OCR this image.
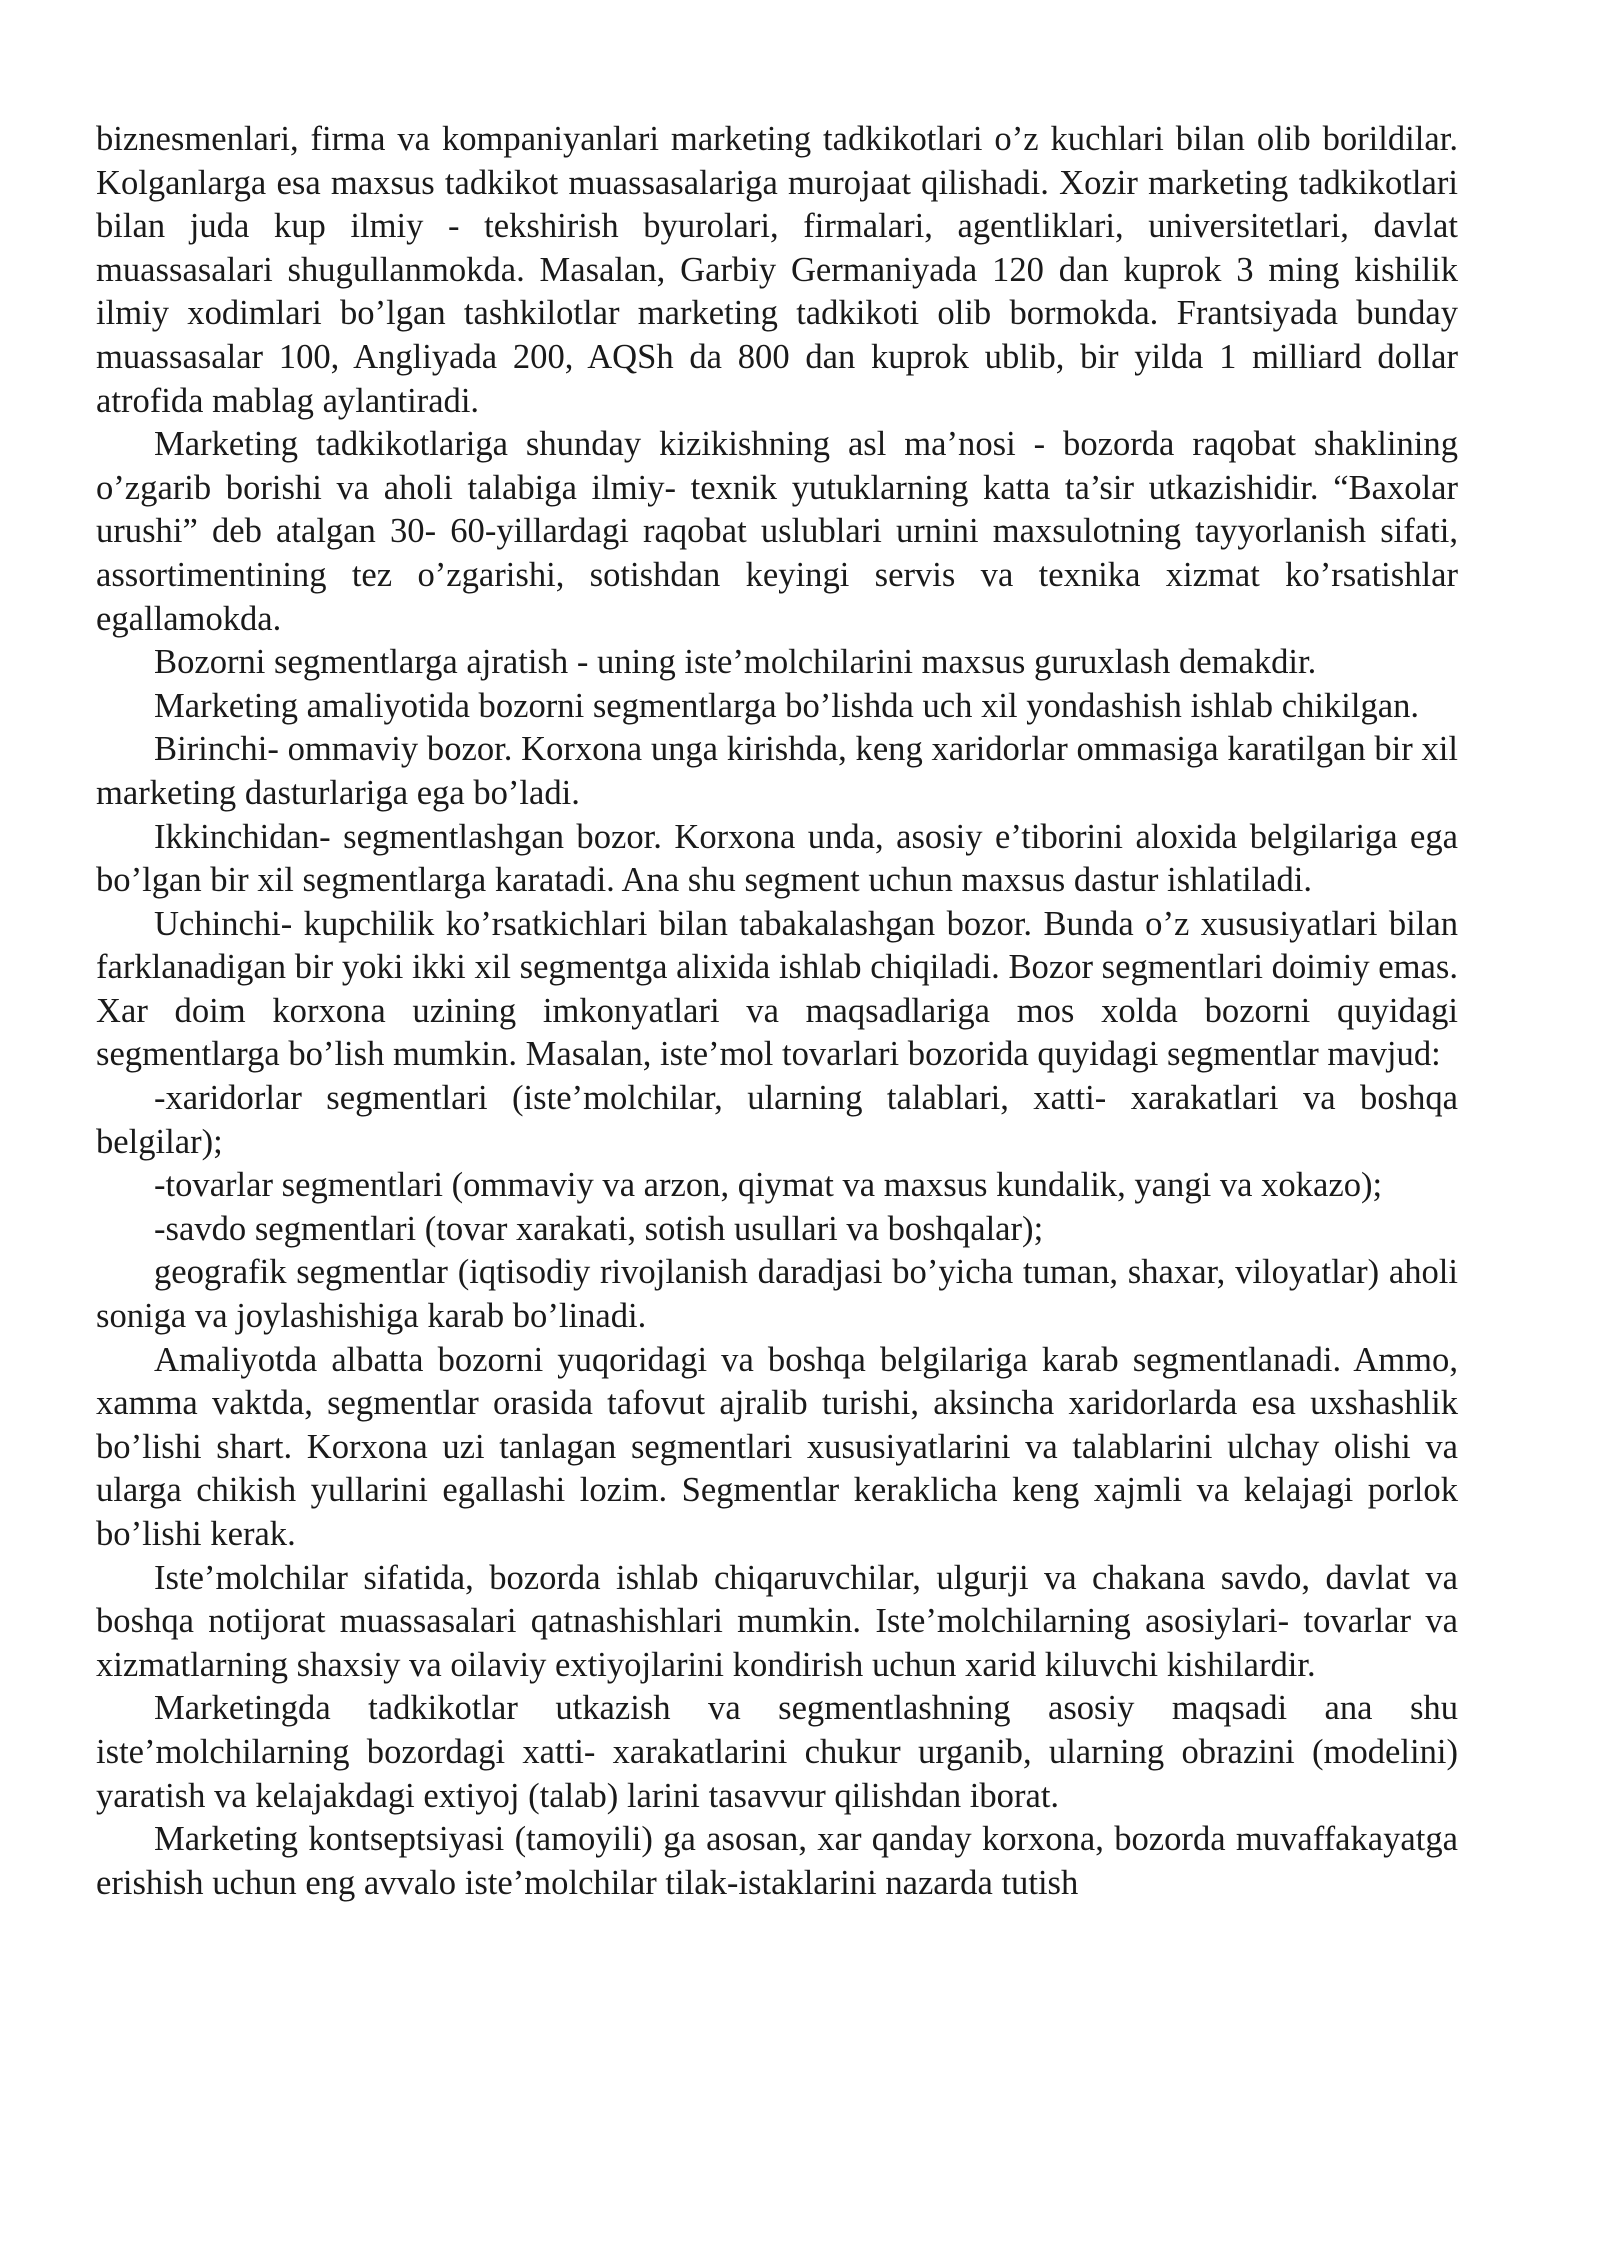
biznesmenlari, firma va kompaniyanlari marketing tadkikotlari o’z kuchlari bilan olib borildilar. Kolganlarga esa maxsus tadkikot muassasalariga murojaat qilishadi. Xozir marketing tadkikotlari bilan juda kup ilmiy - tekshirish byurolari, firmalari, agentliklari, universitetlari, davlat muassasalari shugullanmokda. Masalan, Garbiy Germaniyada 120 dan kuprok 3 ming kishilik ilmiy xodimlari bo’lgan tashkilotlar marketing tadkikoti olib bormokda. Frantsiyada bunday muassasalar 100, Angliyada 200, AQSh da 800 dan kuprok ublib, bir yilda 1 milliard dollar atrofida mablag aylantiradi.

Marketing tadkikotlariga shunday kizikishning asl ma’nosi - bozorda raqobat shaklining o’zgarib borishi va aholi talabiga ilmiy- texnik yutuklarning katta ta’sir utkazishidir. “Baxolar urushi” deb atalgan 30- 60-yillardagi raqobat uslublari urnini maxsulotning tayyorlanish sifati, assortimentining tez o’zgarishi, sotishdan keyingi servis va texnika xizmat ko’rsatishlar egallamokda.

Bozorni segmentlarga ajratish - uning iste’molchilarini maxsus guruxlash demakdir.

Marketing amaliyotida bozorni segmentlarga bo’lishda uch xil yondashish ishlab chikilgan.

Birinchi- ommaviy bozor. Korxona unga kirishda, keng xaridorlar ommasiga karatilgan bir xil marketing dasturlariga ega bo’ladi.

Ikkinchidan- segmentlashgan bozor. Korxona unda, asosiy e’tiborini aloxida belgilariga ega bo’lgan bir xil segmentlarga karatadi. Ana shu segment uchun maxsus dastur ishlatiladi.

Uchinchi- kupchilik ko’rsatkichlari bilan tabakalashgan bozor. Bunda o’z xususiyatlari bilan farklanadigan bir yoki ikki xil segmentga alixida ishlab chiqiladi. Bozor segmentlari doimiy emas. Xar doim korxona uzining imkonyatlari va maqsadlariga mos xolda bozorni quyidagi segmentlarga bo’lish mumkin. Masalan, iste’mol tovarlari bozorida quyidagi segmentlar mavjud:

-xaridorlar segmentlari (iste’molchilar, ularning talablari, xatti- xarakatlari va boshqa belgilar);

-tovarlar segmentlari (ommaviy va arzon, qiymat va maxsus kundalik, yangi va xokazo);

-savdo segmentlari (tovar xarakati, sotish usullari va boshqalar);

geografik segmentlar (iqtisodiy rivojlanish daradjasi bo’yicha tuman, shaxar, viloyatlar) aholi soniga va joylashishiga karab bo’linadi.

Amaliyotda albatta bozorni yuqoridagi va boshqa belgilariga karab segmentlanadi. Ammo, xamma vaktda, segmentlar orasida tafovut ajralib turishi, aksincha xaridorlarda esa uxshashlik bo’lishi shart. Korxona uzi tanlagan segmentlari xususiyatlarini va talablarini ulchay olishi va ularga chikish yullarini egallashi lozim. Segmentlar keraklicha keng xajmli va kelajagi porlok bo’lishi kerak.

Iste’molchilar sifatida, bozorda ishlab chiqaruvchilar, ulgurji va chakana savdo, davlat va boshqa notijorat muassasalari qatnashishlari mumkin. Iste’molchilarning asosiylari- tovarlar va xizmatlarning shaxsiy va oilaviy extiyojlarini kondirish uchun xarid kiluvchi kishilardir.

Marketingda tadkikotlar utkazish va segmentlashning asosiy maqsadi ana shu iste’molchilarning bozordagi xatti- xarakatlarini chukur urganib, ularning obrazini (modelini) yaratish va kelajakdagi extiyoj (talab) larini tasavvur qilishdan iborat.

Marketing kontseptsiyasi (tamoyili) ga asosan, xar qanday korxona, bozorda muvaffakayatga erishish uchun eng avvalo iste’molchilar tilak-istaklarini nazarda tutish
